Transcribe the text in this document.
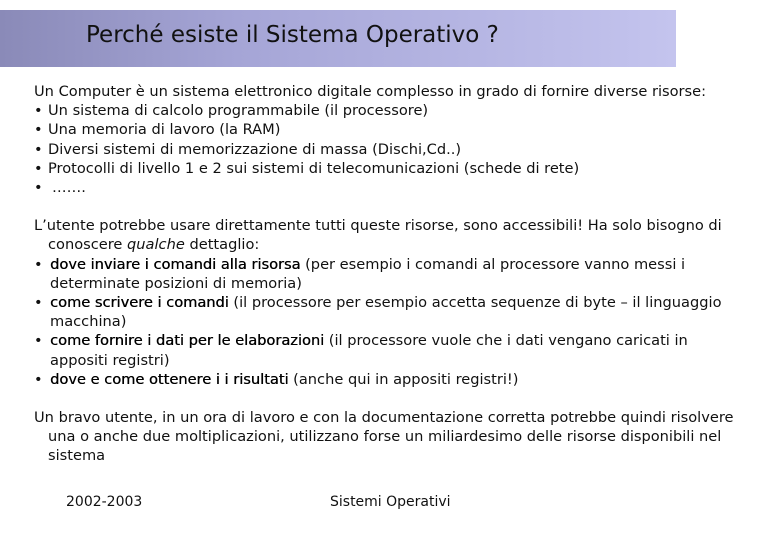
Perché esiste il Sistema Operativo ?

Un Computer è un sistema elettronico digitale complesso in grado di fornire diverse risorse:

• Un sistema di calcolo programmabile (il processore)
• Una memoria di lavoro (la RAM)
• Diversi sistemi di memorizzazione di massa (Dischi,Cd..)
• Protocolli di livello 1 e 2 sui sistemi di telecomunicazioni (schede di rete)
• …….

L’utente potrebbe usare direttamente tutti queste risorse, sono accessibili! Ha solo bisogno di conoscere qualche dettaglio:

• dove inviare i comandi alla risorsa (per esempio i comandi al processore vanno messi i determinate posizioni di memoria)
• come scrivere i comandi (il processore per esempio accetta sequenze di byte – il linguaggio macchina)
• come fornire i dati per le elaborazioni (il processore vuole che i dati vengano caricati in appositi registri)
• dove e come ottenere i i risultati (anche qui in appositi registri!)

Un bravo utente, in un ora di lavoro e con la documentazione corretta potrebbe quindi risolvere una o anche due moltiplicazioni, utilizzano forse un miliardesimo delle risorse disponibili nel sistema

2002-2003	Sistemi Operativi
